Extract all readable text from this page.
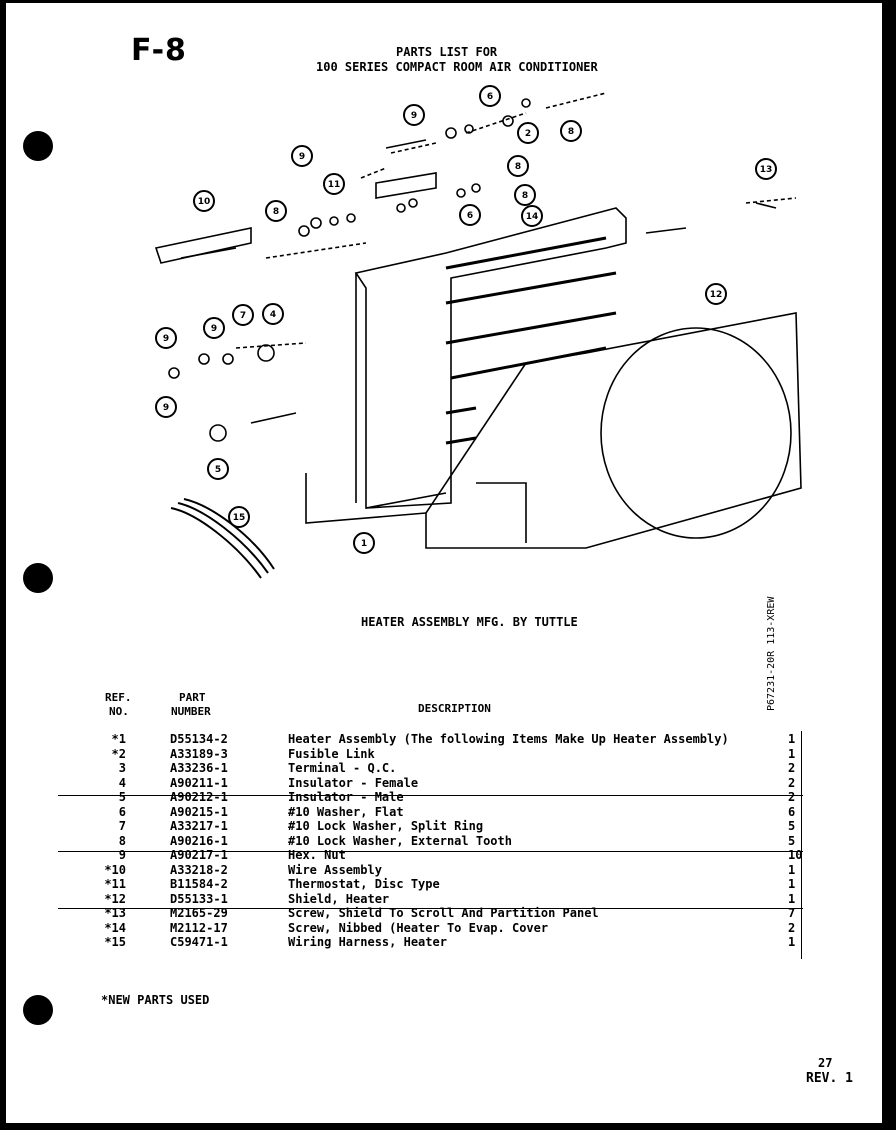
F-8	PARTS LIST FOR
100 SERIES COMPACT ROOM AIR CONDITIONER
1
2
4
5
6
7
8
9
10
11
12
13
14
15
9
9
9
6
8
8
8
9
HEATER ASSEMBLY MFG. BY TUTTLE	P67231-20R 113-XREW
REF.
NO.
PART
NUMBER	DESCRIPTION
*1	D55134-2	Heater Assembly (The following Items Make Up Heater Assembly)	1
*2	A33189-3	Fusible Link	1
3	A33236-1	Terminal - Q.C.	2
4	A90211-1	Insulator - Female	2
5	A90212-1	Insulator - Male	2
6	A90215-1	#10 Washer, Flat	6
7	A33217-1	#10 Lock Washer, Split Ring	5
8	A90216-1	#10 Lock Washer, External Tooth	5
9	A90217-1	Hex. Nut	10
*10	A33218-2	Wire Assembly	1
*11	B11584-2	Thermostat, Disc Type	1
*12	D55133-1	Shield, Heater	1
*13	M2165-29	Screw, Shield To Scroll And Partition Panel	7
*14	M2112-17	Screw, Nibbed (Heater To Evap. Cover	2
*15	C59471-1	Wiring Harness, Heater	1
*NEW PARTS USED
27
REV. 1
